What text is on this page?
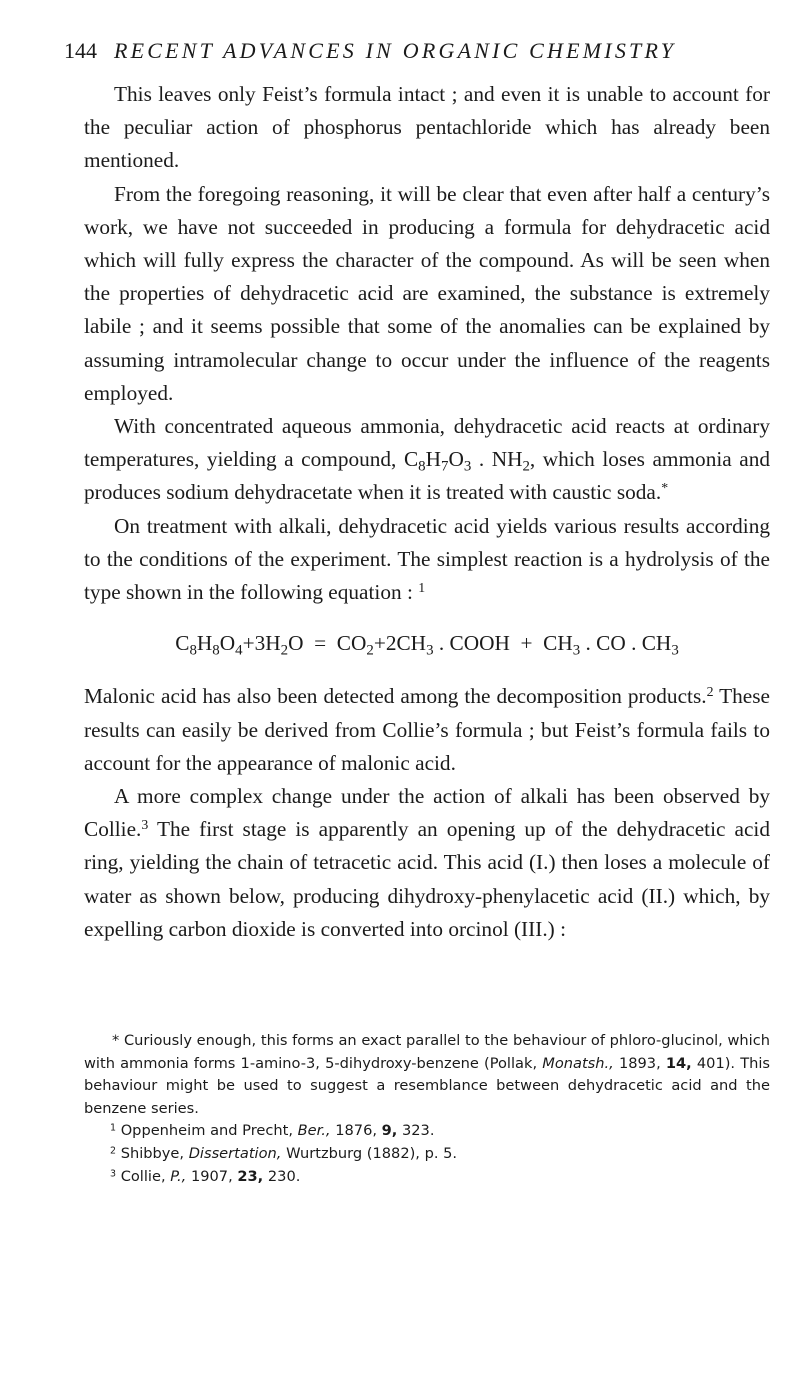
144 RECENT ADVANCES IN ORGANIC CHEMISTRY

This leaves only Feist’s formula intact ; and even it is unable to account for the peculiar action of phosphorus pentachloride which has already been mentioned.

From the foregoing reasoning, it will be clear that even after half a century’s work, we have not succeeded in producing a formula for dehydracetic acid which will fully express the character of the compound. As will be seen when the properties of dehydracetic acid are examined, the substance is extremely labile ; and it seems possible that some of the anomalies can be explained by assuming intramolecular change to occur under the influence of the reagents employed.

With concentrated aqueous ammonia, dehydracetic acid reacts at ordinary temperatures, yielding a compound, $C_8H_7O_3$ . $NH_2$, which loses ammonia and produces sodium dehydracetate when it is treated with caustic soda.*

On treatment with alkali, dehydracetic acid yields various results according to the conditions of the experiment. The simplest reaction is a hydrolysis of the type shown in the following equation : $^1$

$C_8H_8O_4+3H_2O = CO_2+2CH_3$ . COOH  +  $CH_3$ . CO . $CH_3$

Malonic acid has also been detected among the decomposition products.$^2$ These results can easily be derived from Collie’s formula ; but Feist’s formula fails to account for the appearance of malonic acid.

A more complex change under the action of alkali has been observed by Collie.$^3$ The first stage is apparently an opening up of the dehydracetic acid ring, yielding the chain of tetracetic acid. This acid (I.) then loses a molecule of water as shown below, producing dihydroxy-phenylacetic acid (II.) which, by expelling carbon dioxide is converted into orcinol (III.) :

* Curiously enough, this forms an exact parallel to the behaviour of phloro-glucinol, which with ammonia forms 1-amino-3, 5-dihydroxy-benzene (Pollak, Monatsh., 1893, 14, 401). This behaviour might be used to suggest a resemblance between dehydracetic acid and the benzene series.

$^1$ Oppenheim and Precht, Ber., 1876, 9, 323.

$^2$ Shibbye, Dissertation, Wurtzburg (1882), p. 5.

$^3$ Collie, P., 1907, 23, 230.
